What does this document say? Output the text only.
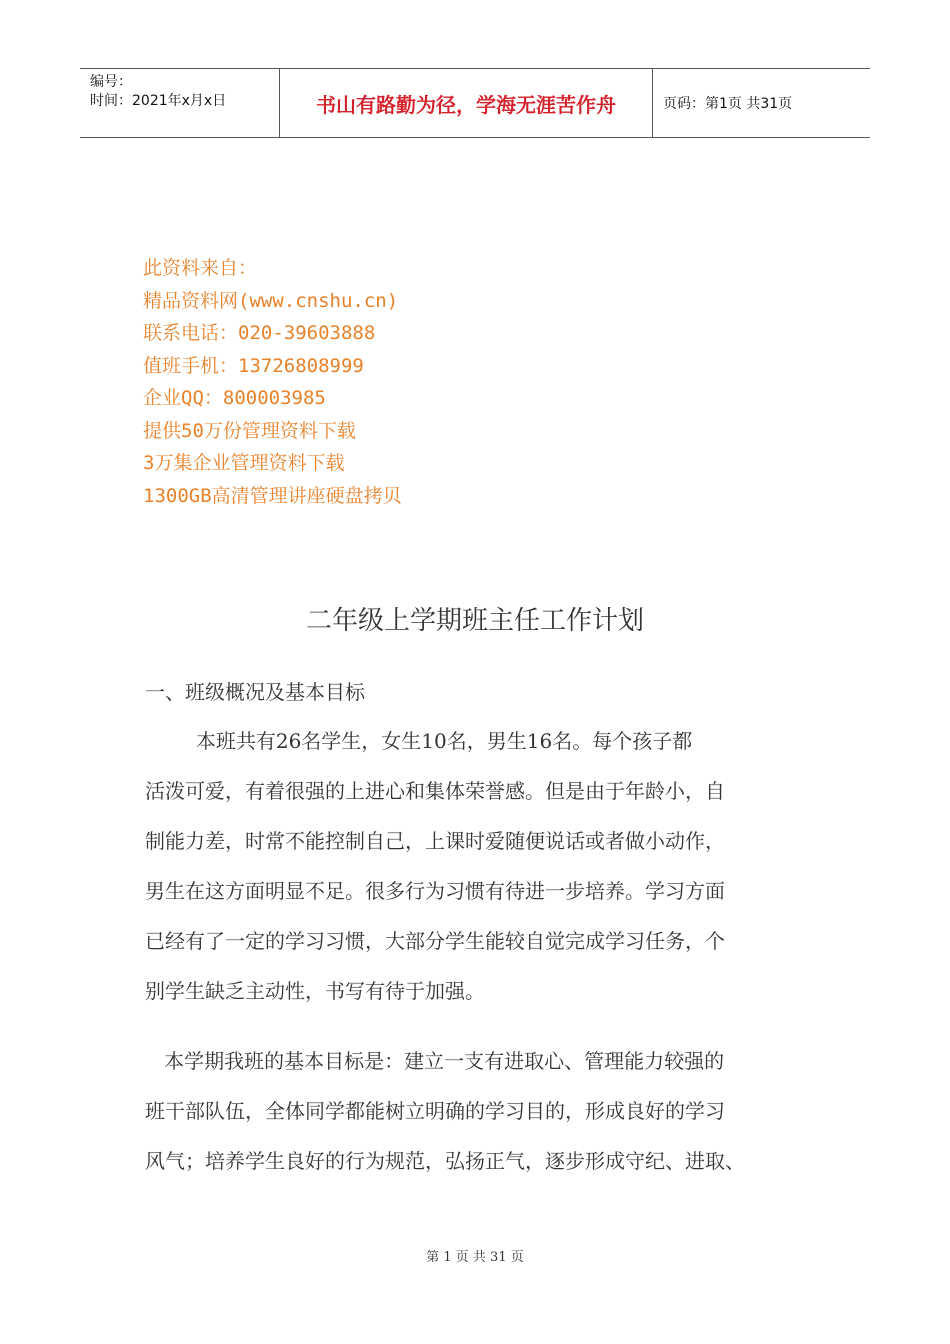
编号：
时间：2021年x月x日	书山有路勤为径，学海无涯苦作舟	页码：第1页 共31页
此资料来自：
精品资料网(www.cnshu.cn)
联系电话：020-39603888
值班手机：13726808999
企业QQ：800003985
提供50万份管理资料下载
3万集企业管理资料下载
1300GB高清管理讲座硬盘拷贝
二年级上学期班主任工作计划
一、班级概况及基本目标
本班共有26名学生，女生10名，男生16名。每个孩子都
活泼可爱，有着很强的上进心和集体荣誉感。但是由于年龄小，自
制能力差，时常不能控制自己，上课时爱随便说话或者做小动作，
男生在这方面明显不足。很多行为习惯有待进一步培养。学习方面
已经有了一定的学习习惯，大部分学生能较自觉完成学习任务，个
别学生缺乏主动性，书写有待于加强。
本学期我班的基本目标是：建立一支有进取心、管理能力较强的
班干部队伍，全体同学都能树立明确的学习目的，形成良好的学习
风气；培养学生良好的行为规范，弘扬正气，逐步形成守纪、进取、
第 1 页 共 31 页
